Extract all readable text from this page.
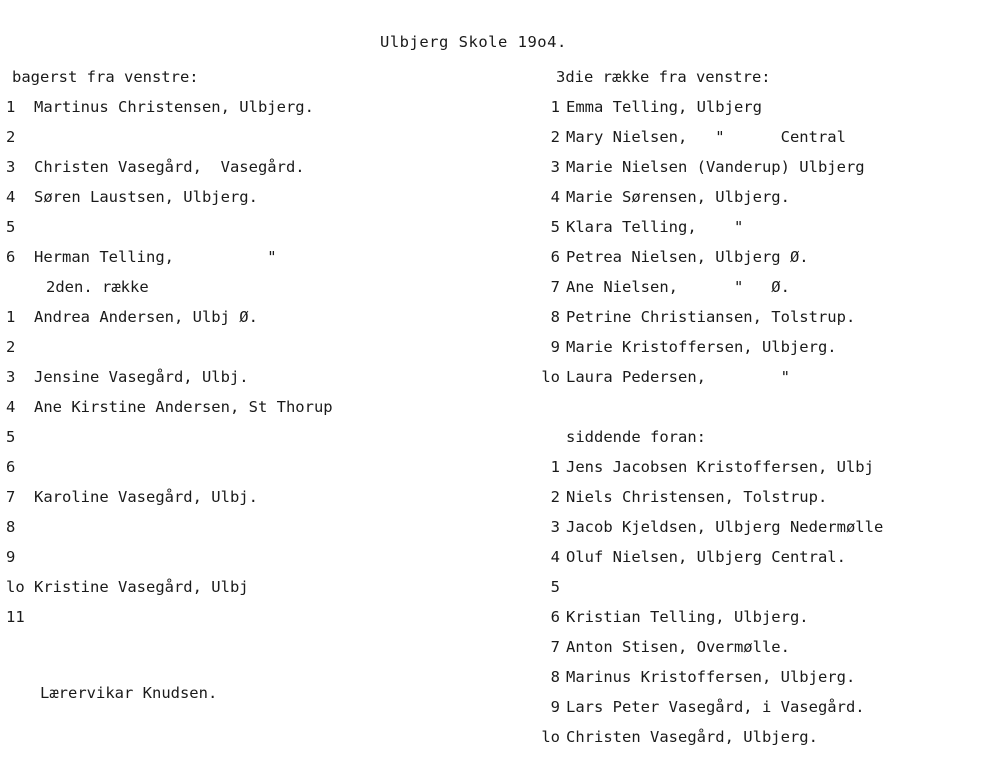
Ulbjerg Skole 19o4.
bagerst fra venstre:
1 Martinus Christensen, Ulbjerg.
2
3 Christen Vasegård,  Vasegård.
4 Søren Laustsen, Ulbjerg.
5
6 Herman Telling,          "
2den. række
1 Andrea Andersen, Ulbj Ø.
2
3 Jensine Vasegård, Ulbj.
4 Ane Kirstine Andersen, St Thorup
5
6
7 Karoline Vasegård, Ulbj.
8
9
lo Kristine Vasegård, Ulbj
11
3die række fra venstre:
1 Emma Telling, Ulbjerg
2 Mary Nielsen,   "      Central
3 Marie Nielsen (Vanderup) Ulbjerg
4 Marie Sørensen, Ulbjerg.
5 Klara Telling,    "
6 Petrea Nielsen, Ulbjerg Ø.
7 Ane Nielsen,      "   Ø.
8 Petrine Christiansen, Tolstrup.
9 Marie Kristoffersen, Ulbjerg.
lo Laura Pedersen,        "
siddende foran:
1 Jens Jacobsen Kristoffersen, Ulbj
2 Niels Christensen, Tolstrup.
3 Jacob Kjeldsen, Ulbjerg Nedermølle
4 Oluf Nielsen, Ulbjerg Central.
5
6 Kristian Telling, Ulbjerg.
7 Anton Stisen, Overmølle.
8 Marinus Kristoffersen, Ulbjerg.
9 Lars Peter Vasegård, i Vasegård.
lo Christen Vasegård, Ulbjerg.
Lærervikar Knudsen.
